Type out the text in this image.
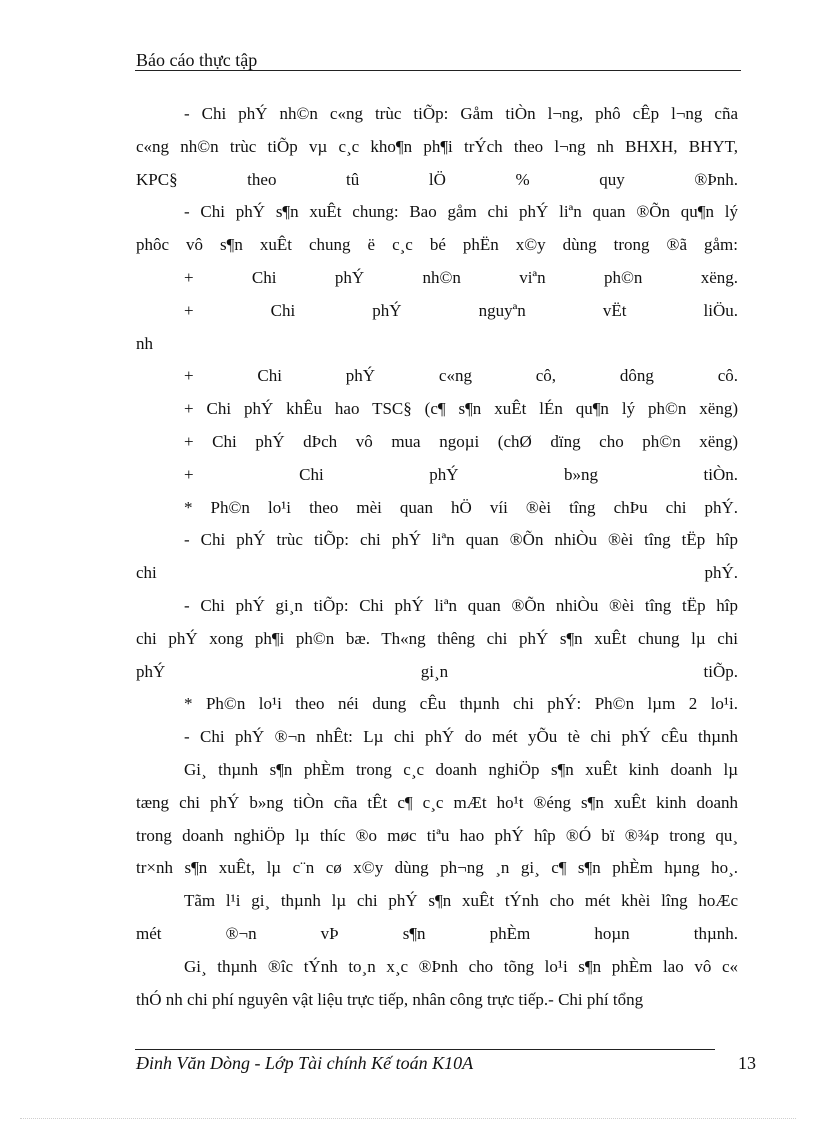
Báo cáo thực tập
- Chi phÝ nh©n c«ng trùc tiÕp: Gåm tiÒn l¬ng, phô cÊp l¬ng cña
c«ng nh©n trùc tiÕp vµ c¸c kho¶n ph¶i trÝch theo l¬ng nh BHXH, BHYT,
KPC§ theo tû lÖ % quy ®Þnh.
- Chi phÝ s¶n xuÊt chung: Bao gåm chi phÝ liªn quan ®Õn qu¶n lý
phôc vô s¶n xuÊt chung ë c¸c bé phËn x©y dùng trong ®ã gåm:
+ Chi phÝ nh©n viªn ph©n xëng.
+ Chi phÝ nguyªn vËt liÖu.
nh
+ Chi phÝ c«ng cô, dông cô.
+ Chi phÝ khÊu hao TSC§ (c¶ s¶n xuÊt lÉn qu¶n lý ph©n xëng)
+ Chi phÝ dÞch vô mua ngoµi (chØ dïng cho ph©n xëng)
+ Chi phÝ b»ng tiÒn.
* Ph©n lo¹i theo mèi quan hÖ víi ®èi tîng chÞu chi phÝ.
- Chi phÝ trùc tiÕp: chi phÝ liªn quan ®Õn nhiÒu ®èi tîng tËp hîp
chi phÝ.
- Chi phÝ gi¸n tiÕp: Chi phÝ liªn quan ®Õn nhiÒu ®èi tîng tËp hîp
chi phÝ xong ph¶i ph©n bæ. Th«ng thêng chi phÝ s¶n xuÊt chung lµ chi
phÝ gi¸n tiÕp.
* Ph©n lo¹i theo néi dung cÊu thµnh chi phÝ: Ph©n lµm 2 lo¹i.
- Chi phÝ ®¬n nhÊt: Lµ chi phÝ do mét yÕu tè chi phÝ cÊu thµnh
Gi¸ thµnh s¶n phÈm trong c¸c doanh nghiÖp s¶n xuÊt kinh doanh lµ
tæng chi phÝ b»ng tiÒn cña tÊt c¶ c¸c mÆt ho¹t ®éng s¶n xuÊt kinh doanh
trong doanh nghiÖp lµ thíc ®o møc tiªu hao phÝ hîp ®Ó bï ®¾p trong qu¸
tr×nh s¶n xuÊt, lµ c¨n cø x©y dùng ph¬ng ¸n gi¸ c¶ s¶n phÈm hµng ho¸.
Tãm l¹i gi¸ thµnh lµ chi phÝ s¶n xuÊt tÝnh cho mét khèi lîng hoÆc
mét ®¬n vÞ s¶n phÈm hoµn thµnh.
Gi¸ thµnh ®îc tÝnh to¸n x¸c ®Þnh cho tõng lo¹i s¶n phÈm lao vô c«
thÓ nh chi phí nguyên vật liệu trực tiếp, nhân công trực tiếp.- Chi phí tổng
Đinh Văn Dòng - Lớp Tài chính Kế toán K10A	13
